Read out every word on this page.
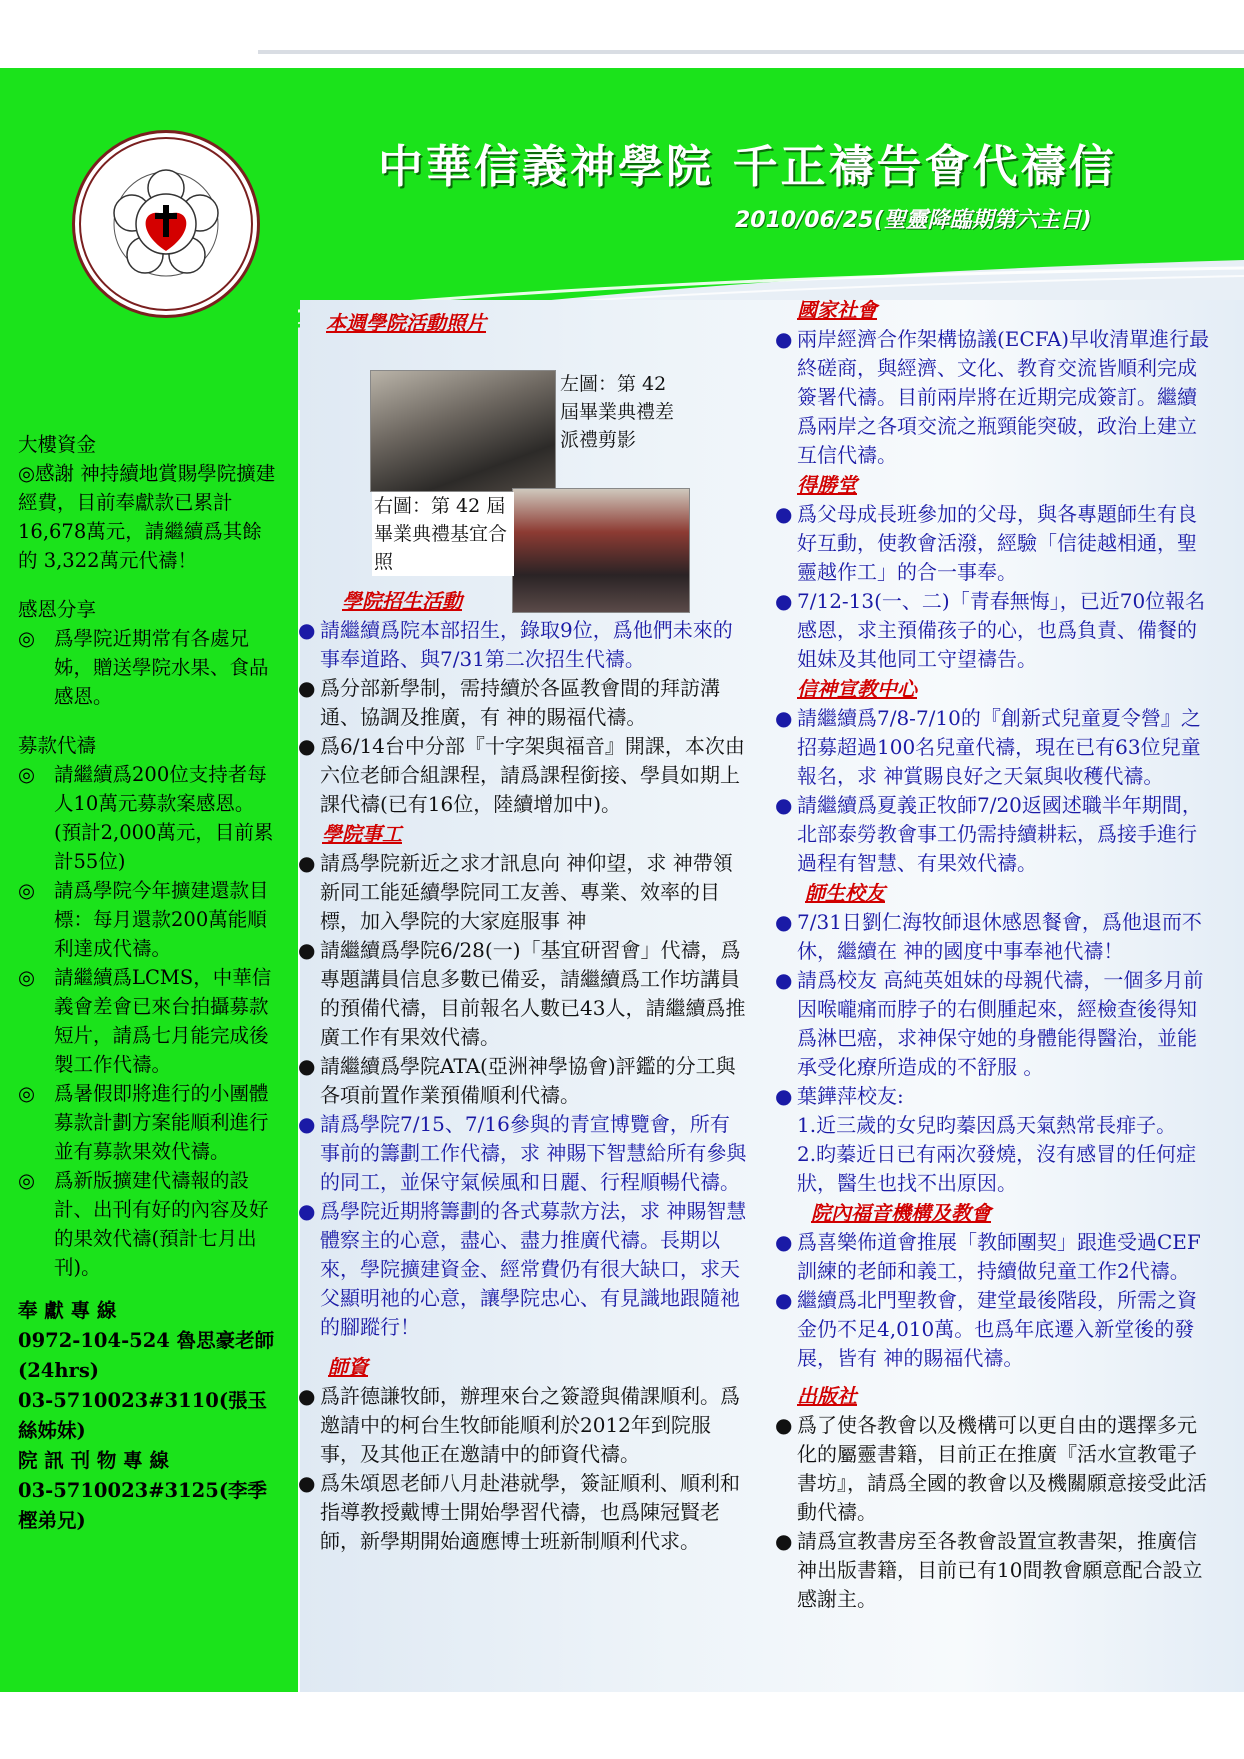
中華信義神學院 千正禱告會代禱信
2010/06/25(聖靈降臨期第六主日)
大樓資金
◎感謝 神持續地賞賜學院擴建經費，目前奉獻款已累計16,678萬元，請繼續爲其餘的 3,322萬元代禱！
感恩分享
◎ 爲學院近期常有各處兄姊，贈送學院水果、食品感恩。
募款代禱
◎ 請繼續爲200位支持者每人10萬元募款案感恩。(預計2,000萬元，目前累計55位)
◎ 請爲學院今年擴建還款目標：每月還款200萬能順利達成代禱。
◎ 請繼續爲LCMS，中華信義會差會已來台拍攝募款短片，請爲七月能完成後製工作代禱。
◎ 爲暑假即將進行的小團體募款計劃方案能順利進行並有募款果效代禱。
◎ 爲新版擴建代禱報的設計、出刊有好的內容及好的果效代禱(預計七月出刊)。
奉 獻 專 線
0972-104-524 魯思豪老師(24hrs)
03-5710023#3110(張玉絲姊妹)
院 訊 刊 物 專 線
03-5710023#3125(李季樫弟兄)
本週學院活動照片
左圖：第 42 屆畢業典禮差派禮剪影
右圖：第 42 屆畢業典禮基宜合照
學院招生活動
● 請繼續爲院本部招生，錄取9位，爲他們未來的事奉道路、與7/31第二次招生代禱。
● 爲分部新學制，需持續於各區教會間的拜訪溝通、協調及推廣，有 神的賜福代禱。
● 爲6/14台中分部『十字架與福音』開課，本次由六位老師合組課程，請爲課程銜接、學員如期上課代禱(已有16位，陸續增加中)。
學院事工
● 請爲學院新近之求才訊息向 神仰望，求 神帶領新同工能延續學院同工友善、專業、效率的目標，加入學院的大家庭服事 神
● 請繼續爲學院6/28(一)「基宜研習會」代禱，爲專題講員信息多數已備妥，請繼續爲工作坊講員的預備代禱，目前報名人數已43人，請繼續爲推廣工作有果效代禱。
● 請繼續爲學院ATA(亞洲神學協會)評鑑的分工與各項前置作業預備順利代禱。
● 請爲學院7/15、7/16參與的青宣博覽會，所有事前的籌劃工作代禱，求 神賜下智慧給所有參與的同工，並保守氣候風和日麗、行程順暢代禱。
● 爲學院近期將籌劃的各式募款方法，求 神賜智慧體察主的心意，盡心、盡力推廣代禱。長期以來，學院擴建資金、經常費仍有很大缺口，求天父顯明祂的心意，讓學院忠心、有見識地跟隨祂的腳蹤行！
師資
● 爲許德謙牧師，辦理來台之簽證與備課順利。爲邀請中的柯台生牧師能順利於2012年到院服事，及其他正在邀請中的師資代禱。
● 爲朱頌恩老師八月赴港就學，簽証順利、順利和指導教授戴博士開始學習代禱，也爲陳冠賢老師，新學期開始適應博士班新制順利代求。
國家社會
● 兩岸經濟合作架構協議(ECFA)早收清單進行最終磋商，與經濟、文化、教育交流皆順利完成簽署代禱。目前兩岸將在近期完成簽訂。繼續爲兩岸之各項交流之瓶頸能突破，政治上建立互信代禱。
得勝堂
● 爲父母成長班參加的父母，與各專題師生有良好互動，使教會活潑，經驗「信徒越相通，聖靈越作工」的合一事奉。
● 7/12-13(一、二)「青春無悔」，已近70位報名感恩，求主預備孩子的心，也爲負責、備餐的姐妹及其他同工守望禱告。
信神宣教中心
● 請繼續爲7/8-7/10的『創新式兒童夏令營』之招募超過100名兒童代禱，現在已有63位兒童報名，求 神賞賜良好之天氣與收穫代禱。
● 請繼續爲夏義正牧師7/20返國述職半年期間，北部泰勞教會事工仍需持續耕耘，爲接手進行過程有智慧、有果效代禱。
師生校友
● 7/31日劉仁海牧師退休感恩餐會，爲他退而不休，繼續在 神的國度中事奉祂代禱！
● 請爲校友 高純英姐妹的母親代禱，一個多月前因喉嚨痛而脖子的右側腫起來，經檢查後得知爲淋巴癌，求神保守她的身體能得醫治，並能承受化療所造成的不舒服 。
● 葉鏵萍校友:
1.近三歲的女兒昀蓁因爲天氣熱常長痱子。
2.昀蓁近日已有兩次發燒，沒有感冒的任何症狀，醫生也找不出原因。
院內福音機構及教會
● 爲喜樂佈道會推展「教師團契」跟進受過CEF訓練的老師和義工，持續做兒童工作2代禱。
● 繼續爲北門聖教會，建堂最後階段，所需之資金仍不足4,010萬。也爲年底遷入新堂後的發展，皆有 神的賜福代禱。
出版社
● 爲了使各教會以及機構可以更自由的選擇多元化的屬靈書籍，目前正在推廣『活水宣教電子書坊』，請爲全國的教會以及機關願意接受此活動代禱。
● 請爲宣教書房至各教會設置宣教書架，推廣信神出版書籍，目前已有10間教會願意配合設立感謝主。
